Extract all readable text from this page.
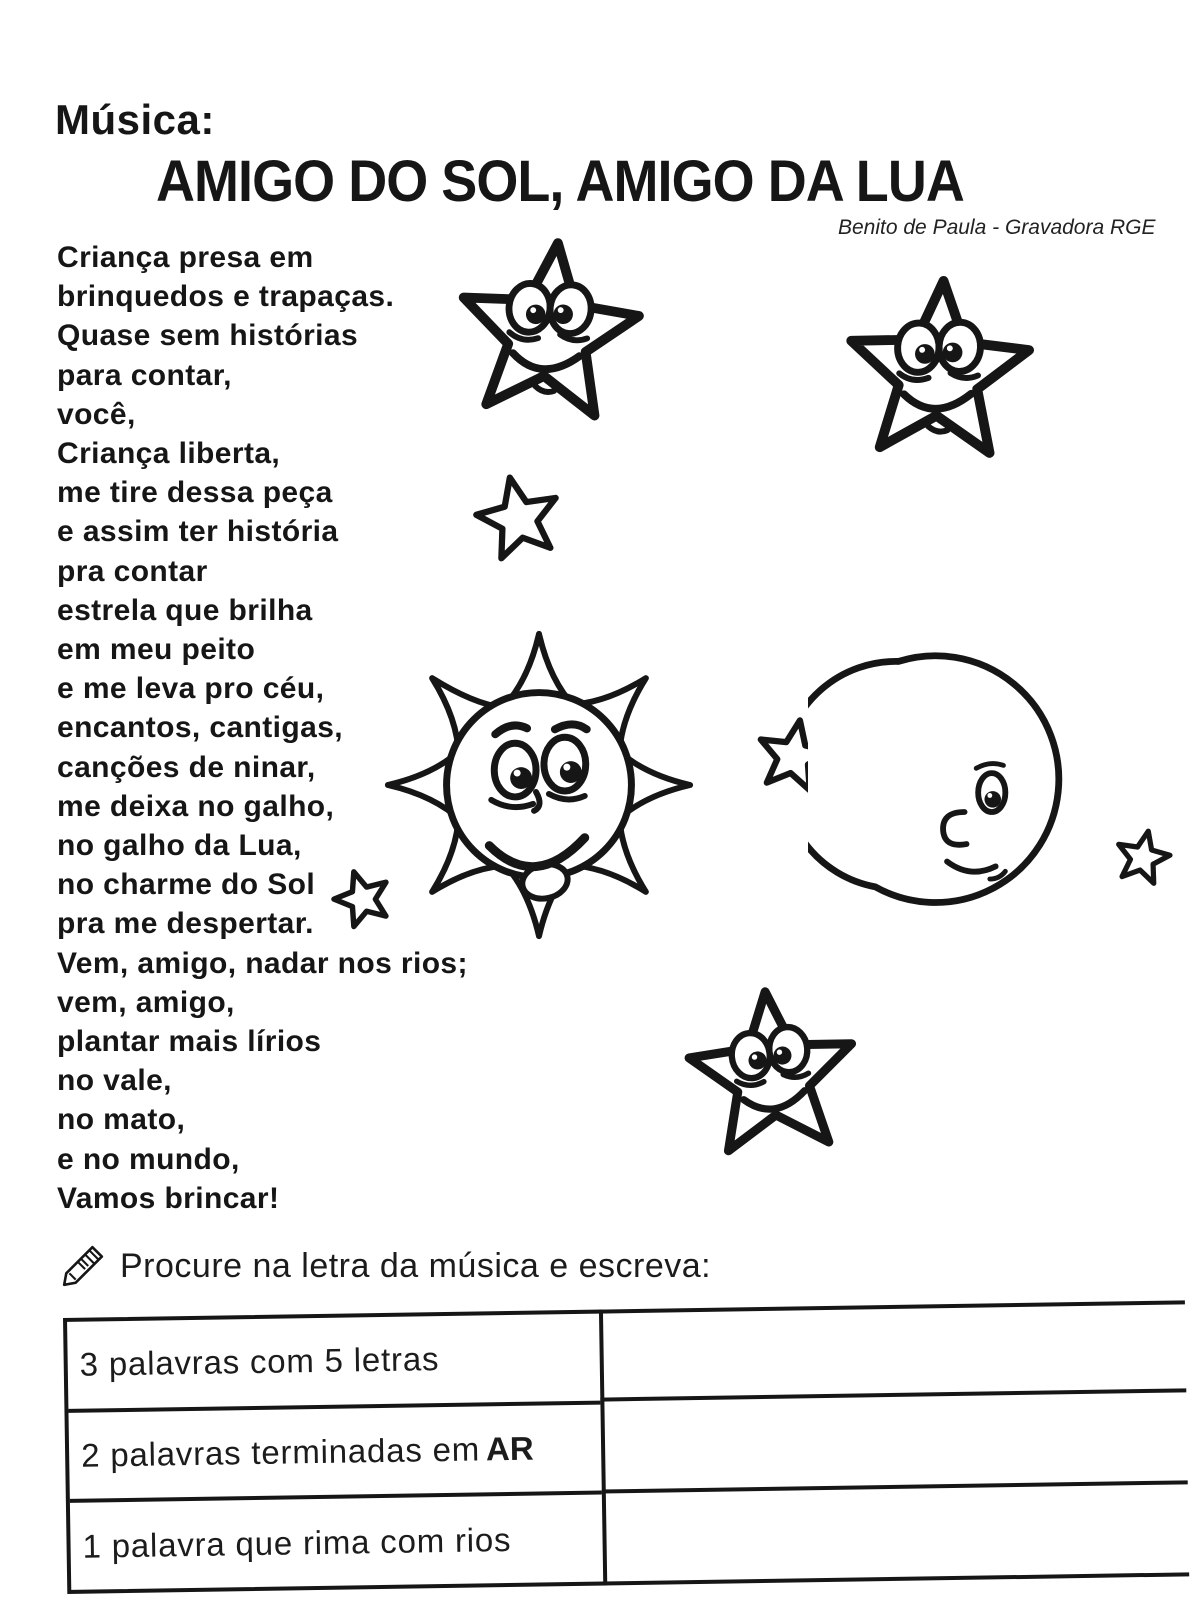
Música:
AMIGO DO SOL, AMIGO DA LUA
Benito de Paula - Gravadora RGE
Criança presa em
brinquedos e trapaças.
Quase sem histórias
para contar,
você,
Criança liberta,
me tire dessa peça
e assim ter história
pra contar
estrela que brilha
em meu peito
e me leva pro céu,
encantos, cantigas,
canções de ninar,
me deixa no galho,
no galho da Lua,
no charme do Sol
pra me despertar.
Vem, amigo, nadar nos rios;
vem, amigo,
plantar mais lírios
no vale,
no mato,
e no mundo,
Vamos brincar!
Procure na letra da música e escreva:
3 palavras com 5 letras
2 palavras terminadas em AR
1 palavra que rima com rios
